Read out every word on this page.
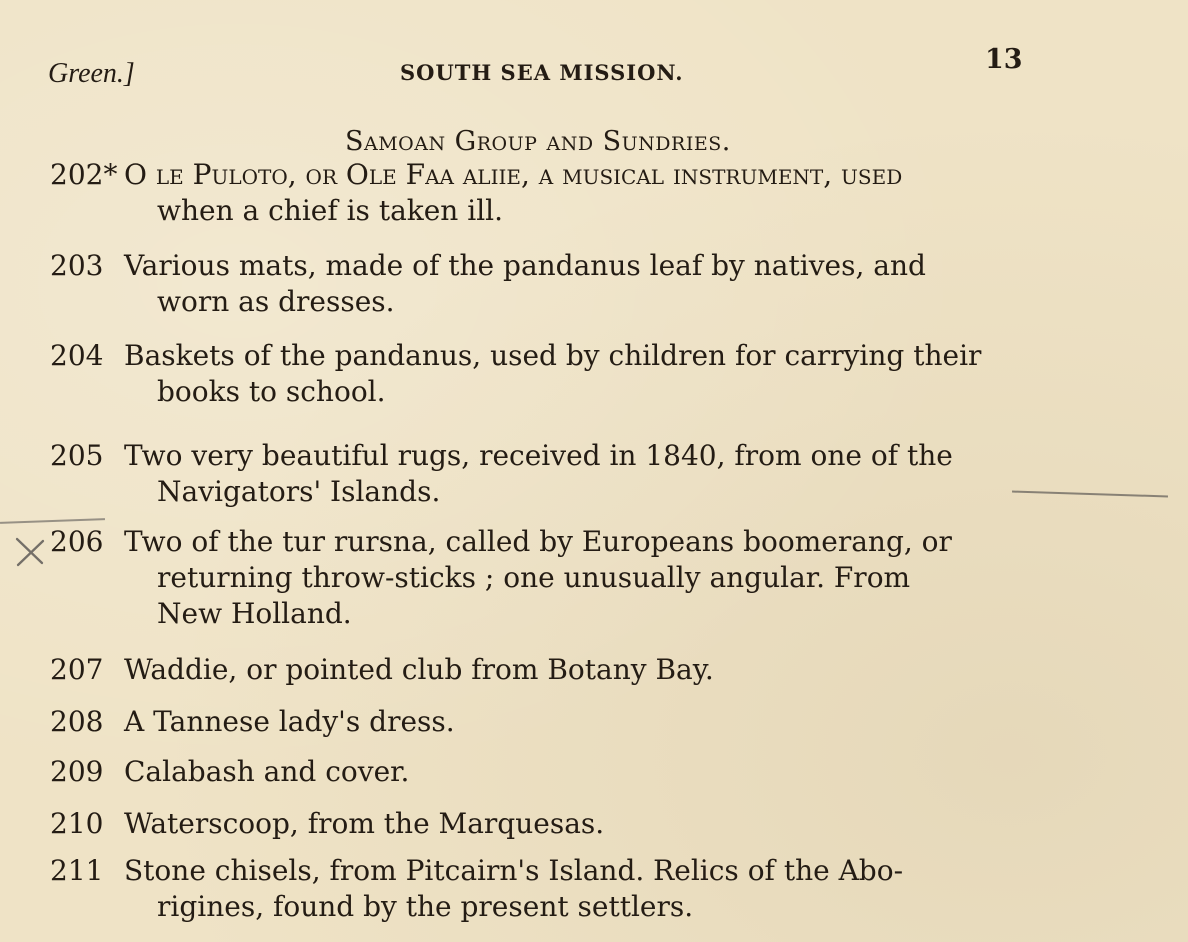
Green.]	SOUTH SEA MISSION.	13
Samoan Group and Sundries.
202* O le Puloto, or Ole Faa aliie, a musical instrument, used
when a chief is taken ill.
203 Various mats, made of the pandanus leaf by natives, and
worn as dresses.
204 Baskets of the pandanus, used by children for carrying their
books to school.
205 Two very beautiful rugs, received in 1840, from one of the
Navigators' Islands.
206 Two of the tur rursna, called by Europeans boomerang, or
returning throw-sticks ; one unusually angular. From
New Holland.
207 Waddie, or pointed club from Botany Bay.
208 A Tannese lady's dress.
209 Calabash and cover.
210 Waterscoop, from the Marquesas.
211 Stone chisels, from Pitcairn's Island. Relics of the Abo-
rigines, found by the present settlers.
